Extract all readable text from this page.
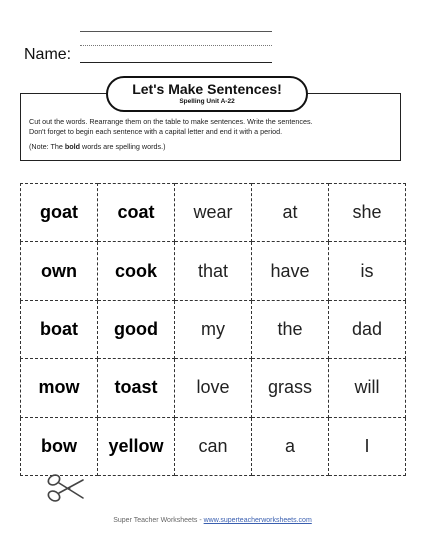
Name:

Cut out the words. Rearrange them on the table to make sentences. Write the sentences.

Don't forget to begin each sentence with a capital letter and end it with a period.

(Note: The bold words are spelling words.)

Let's Make Sentences!
Spelling Unit A-22
goat	coat	wear	at	she
own	cook	that	have	is
boat	good	my	the	dad
mow	toast	love	grass	will
bow	yellow	can	a	I
Super Teacher Worksheets - www.superteacherworksheets.com
